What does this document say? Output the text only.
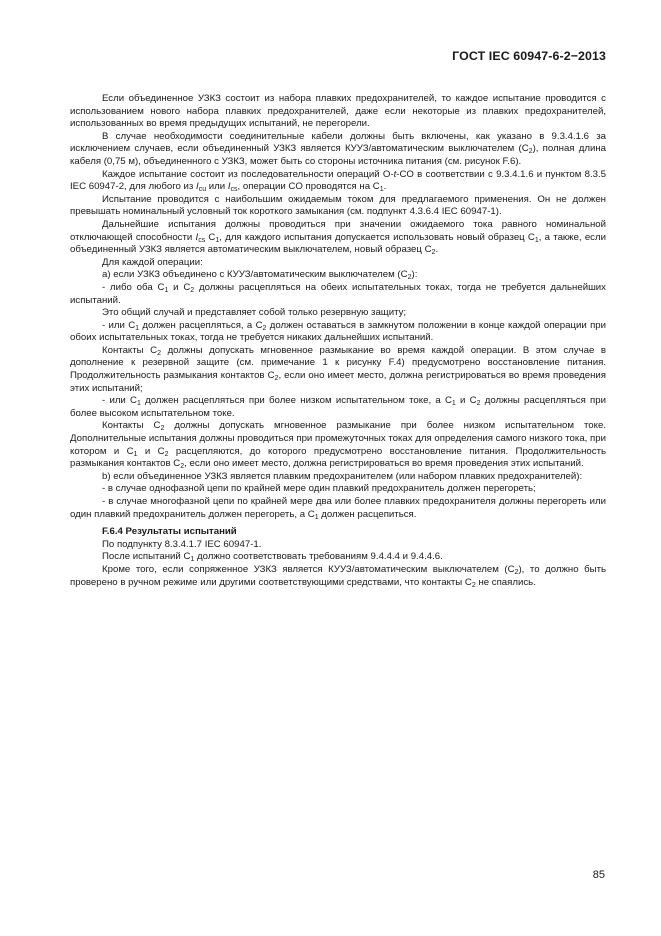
ГОСТ IEC 60947-6-2−2013

Если объединенное УЗКЗ состоит из набора плавких предохранителей, то каждое испытание проводится с использованием нового набора плавких предохранителей, даже если некоторые из плавких предохранителей, использованных во время предыдущих испытаний, не перегорели.

В случае необходимости соединительные кабели должны быть включены, как указано в 9.3.4.1.6 за исключением случаев, если объединенный УЗКЗ является КУУЗ/автоматическим выключателем $(C_2)$, полная длина кабеля (0,75 м), объединенного с УЗКЗ, может быть со стороны источника питания (см. рисунок F.6).

Каждое испытание состоит из последовательности операций O-t-CO в соответствии с 9.3.4.1.6 и пунктом 8.3.5 IEC 60947-2, для любого из $I_{cu}$ или $I_{cs}$, операции CO проводятся на $C_1$.

Испытание проводится с наибольшим ожидаемым током для предлагаемого применения. Он не должен превышать номинальный условный ток короткого замыкания (см. подпункт 4.3.6.4 IEC 60947-1).

Дальнейшие испытания должны проводиться при значении ожидаемого тока равного номинальной отключающей способности $I_{cs}$ $C_1$, для каждого испытания допускается использовать новый образец $C_1$, а также, если объединенный УЗКЗ является автоматическим выключателем, новый образец $C_2$.

Для каждой операции:

а) если УЗКЗ объединено с КУУЗ/автоматическим выключателем $(C_2)$:

- либо оба $C_1$ и $C_2$ должны расцепляться на обеих испытательных токах, тогда не требуется дальнейших испытаний.

Это общий случай и представляет собой только резервную защиту;

- или $C_1$ должен расцепляться, а $C_2$ должен оставаться в замкнутом положении в конце каждой операции при обоих испытательных токах, тогда не требуется никаких дальнейших испытаний.

Контакты $C_2$ должны допускать мгновенное размыкание во время каждой операции. В этом случае в дополнение к резервной защите (см. примечание 1 к рисунку F.4) предусмотрено восстановление питания. Продолжительность размыкания контактов $C_2$, если оно имеет место, должна регистрироваться во время проведения этих испытаний;

- или $C_1$ должен расцепляться при более низком испытательном токе, а $C_1$ и $C_2$ должны расцепляться при более высоком испытательном токе.

Контакты $C_2$ должны допускать мгновенное размыкание при более низком испытательном токе. Дополнительные испытания должны проводиться при промежуточных токах для определения самого низкого тока, при котором и $C_1$ и $C_2$ расцепляются, до которого предусмотрено восстановление питания. Продолжительность размыкания контактов $C_2$, если оно имеет место, должна регистрироваться во время проведения этих испытаний.

b) если объединенное УЗКЗ является плавким предохранителем (или набором плавких предохранителей):

- в случае однофазной цепи по крайней мере один плавкий предохранитель должен перегореть;

- в случае многофазной цепи по крайней мере два или более плавких предохранителя должны перегореть или один плавкий предохранитель должен перегореть, а $C_1$ должен расцепиться.

F.6.4 Результаты испытаний

По подпункту 8.3.4.1.7 IEC 60947-1.

После испытаний $C_1$ должно соответствовать требованиям 9.4.4.4 и 9.4.4.6.

Кроме того, если сопряженное УЗКЗ является КУУЗ/автоматическим выключателем $(C_2)$, то должно быть проверено в ручном режиме или другими соответствующими средствами, что контакты $C_2$ не спаялись.

85
